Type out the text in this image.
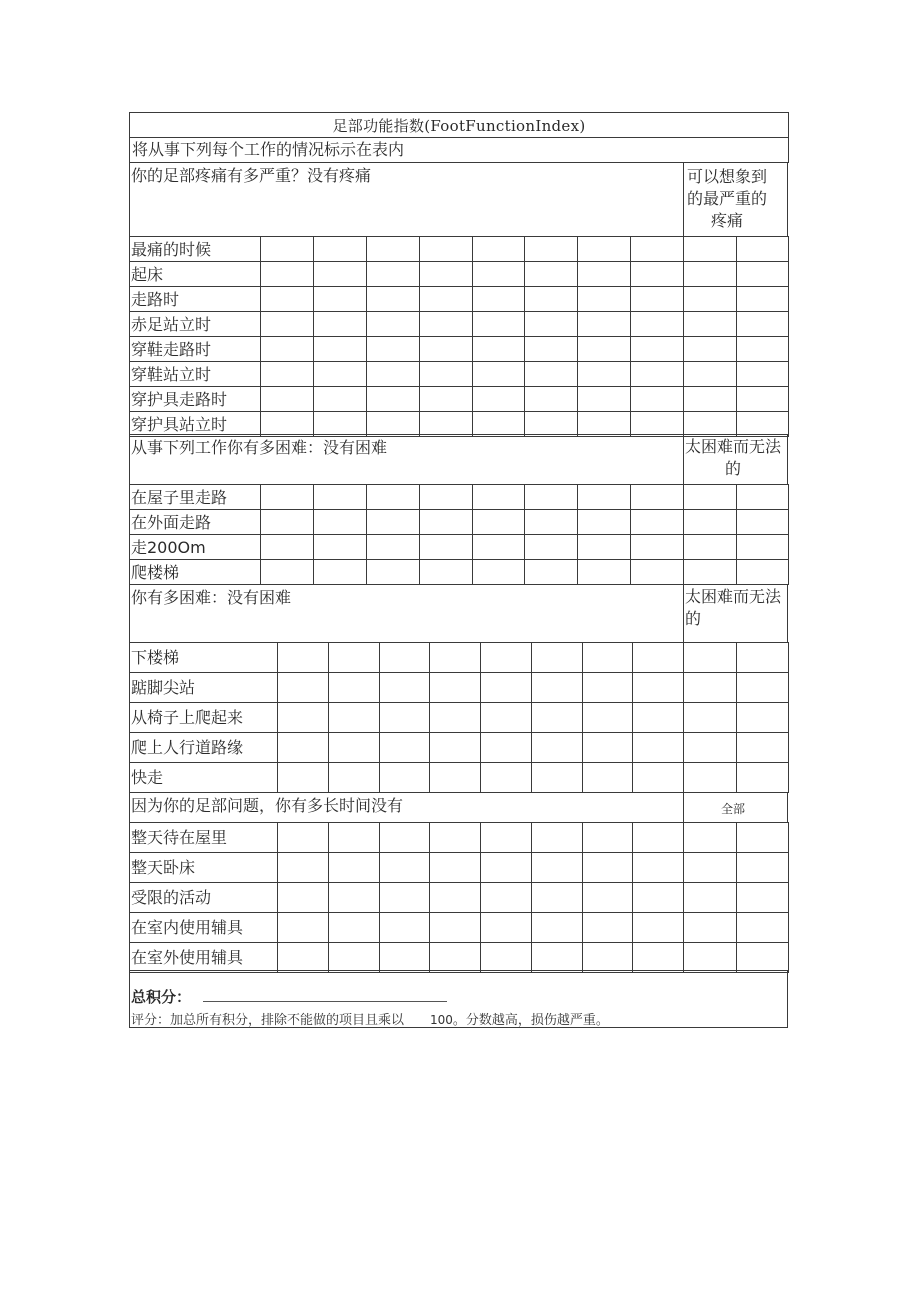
足部功能指数(FootFunctionIndex)
将从事下列每个工作的情况标示在表内
你的足部疼痛有多严重？没有疼痛	可以想象到的最严重的疼痛
最痛的时候
起床
走路时
赤足站立时
穿鞋走路时
穿鞋站立时
穿护具走路时
穿护具站立时
从事下列工作你有多困难：没有困难	太困难而无法的
在屋子里走路
在外面走路
走200Om
爬楼梯
你有多困难：没有困难	太困难而无法的
下楼梯
踮脚尖站
从椅子上爬起来
爬上人行道路缘
快走
因为你的足部问题，你有多长时间没有	全部
整天待在屋里
整天卧床
受限的活动
在室内使用辅具
在室外使用辅具
总积分：
评分：加总所有积分，排除不能做的项目且乘以 100。分数越高，损伤越严重。
